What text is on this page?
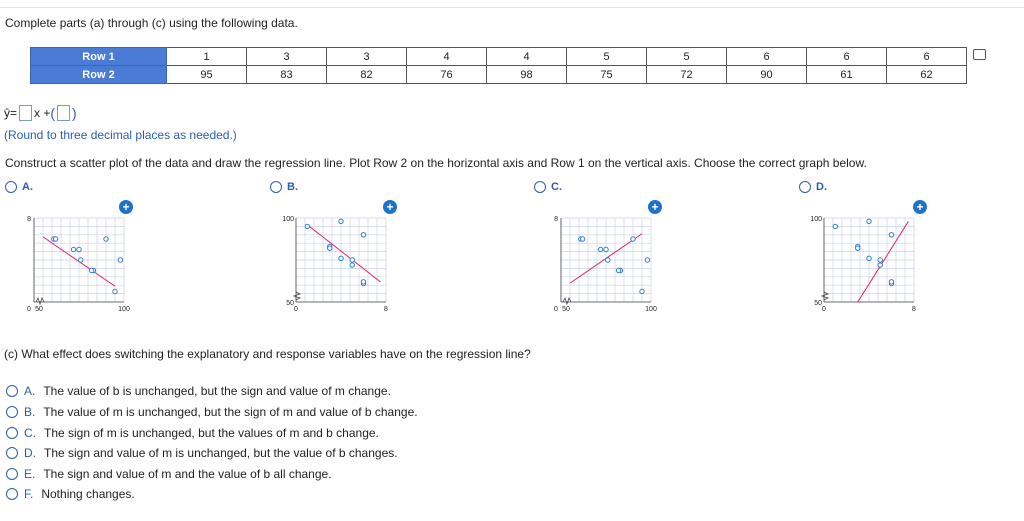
Complete parts (a) through (c) using the following data.
Row 1	1	3	3	4	4	5	5	6	6	6
Row 2	95	83	82	76	98	75	72	90	61	62
ŷ= x + ( )
(Round to three decimal places as needed.)
Construct a scatter plot of the data and draw the regression line. Plot Row 2 on the horizontal axis and Row 1 on the vertical axis. Choose the correct graph below.
A.	B.	C.	D.
+	+	+	+
0 50	100
8
0	8
100
50
0 50	100
8
0	8
100
50
(c) What effect does switching the explanatory and response variables have on the regression line?
A. The value of b is unchanged, but the sign and value of m change.
B. The value of m is unchanged, but the sign of m and value of b change.
C. The sign of m is unchanged, but the values of m and b change.
D. The sign and value of m is unchanged, but the value of b changes.
E. The sign and value of m and the value of b all change.
F. Nothing changes.
